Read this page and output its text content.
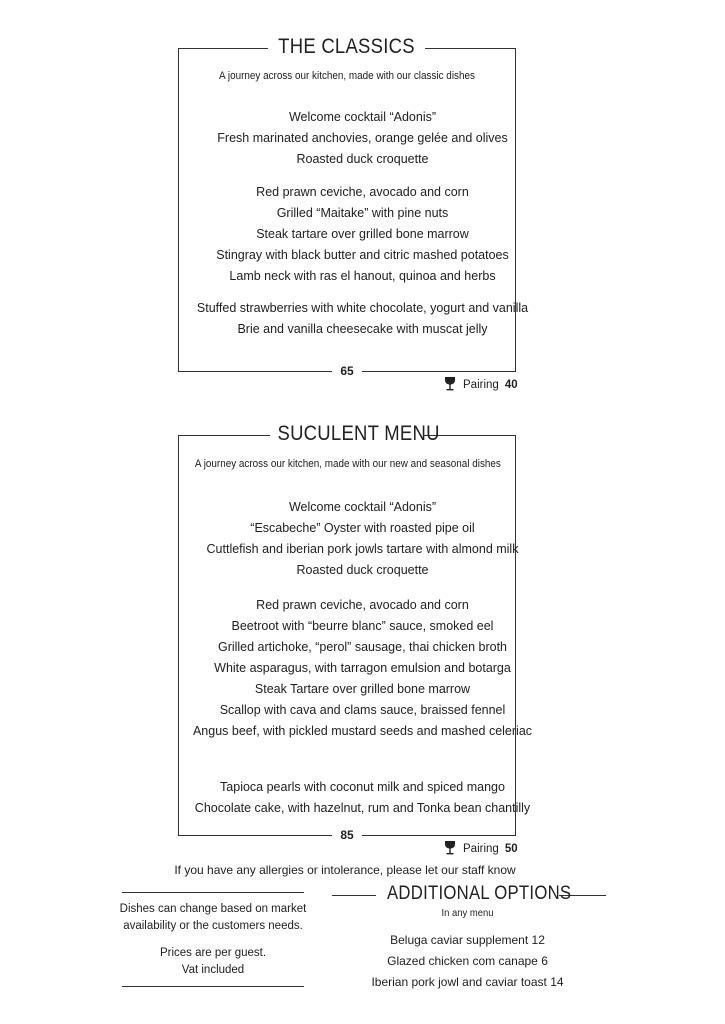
THE CLASSICS
A journey across our kitchen, made with our classic dishes
Welcome cocktail “Adonis”
Fresh marinated anchovies, orange gelée and olives
Roasted duck croquette
Red prawn ceviche, avocado and corn
Grilled “Maitake” with pine nuts
Steak tartare over grilled bone marrow
Stingray with black butter and citric mashed potatoes
Lamb neck with ras el hanout, quinoa and herbs
Stuffed strawberries with white chocolate, yogurt and vanilla
Brie and vanilla cheesecake with muscat jelly
65
Pairing 40
SUCULENT MENU
A journey across our kitchen, made with our new and seasonal dishes
Welcome cocktail “Adonis”
“Escabeche” Oyster with roasted pipe oil
Cuttlefish and iberian pork jowls tartare with almond milk
Roasted duck croquette
Red prawn ceviche, avocado and corn
Beetroot with “beurre blanc” sauce, smoked eel
Grilled artichoke, “perol” sausage, thai chicken broth
White asparagus, with tarragon emulsion and botarga
Steak Tartare over grilled bone marrow
Scallop with cava and clams sauce, braissed fennel
Angus beef, with pickled mustard seeds and mashed celeriac
Tapioca pearls with coconut milk and spiced mango
Chocolate cake, with hazelnut, rum and Tonka bean chantilly
85
Pairing 50
If you have any allergies or intolerance, please let our staff know
Dishes can change based on market
availability or the customers needs.
Prices are per guest.
Vat included
ADDITIONAL OPTIONS
In any menu
Beluga caviar supplement 12
Glazed chicken com canape 6
Iberian pork jowl and caviar toast 14
